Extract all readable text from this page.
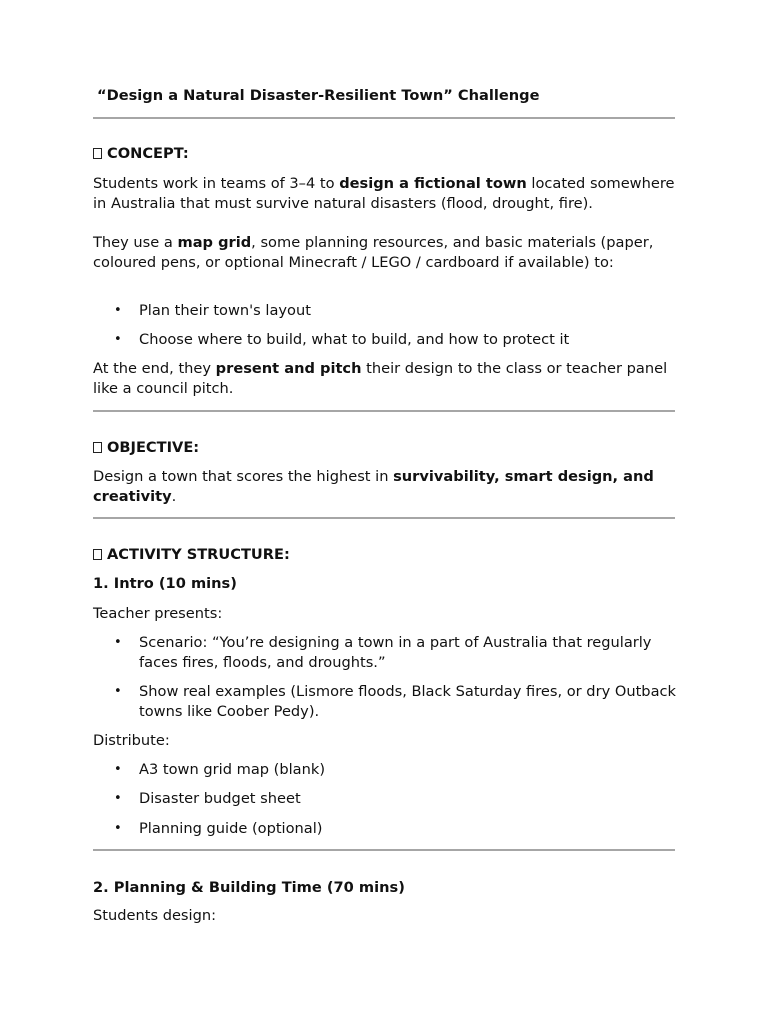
“Design a Natural Disaster-Resilient Town” Challenge
CONCEPT:

Students work in teams of 3–4 to design a fictional town located somewhere in Australia that must survive natural disasters (flood, drought, fire).

They use a map grid, some planning resources, and basic materials (paper, coloured pens, or optional Minecraft / LEGO / cardboard if available) to:

• Plan their town's layout
• Choose where to build, what to build, and how to protect it

At the end, they present and pitch their design to the class or teacher panel like a council pitch.

OBJECTIVE:

Design a town that scores the highest in survivability, smart design, and creativity.

ACTIVITY STRUCTURE:
1. Intro (10 mins)

Teacher presents:

• Scenario: “You’re designing a town in a part of Australia that regularly faces fires, floods, and droughts.”
• Show real examples (Lismore floods, Black Saturday fires, or dry Outback towns like Coober Pedy).

Distribute:

• A3 town grid map (blank)
• Disaster budget sheet
• Planning guide (optional)
2. Planning & Building Time (70 mins)

Students design:
